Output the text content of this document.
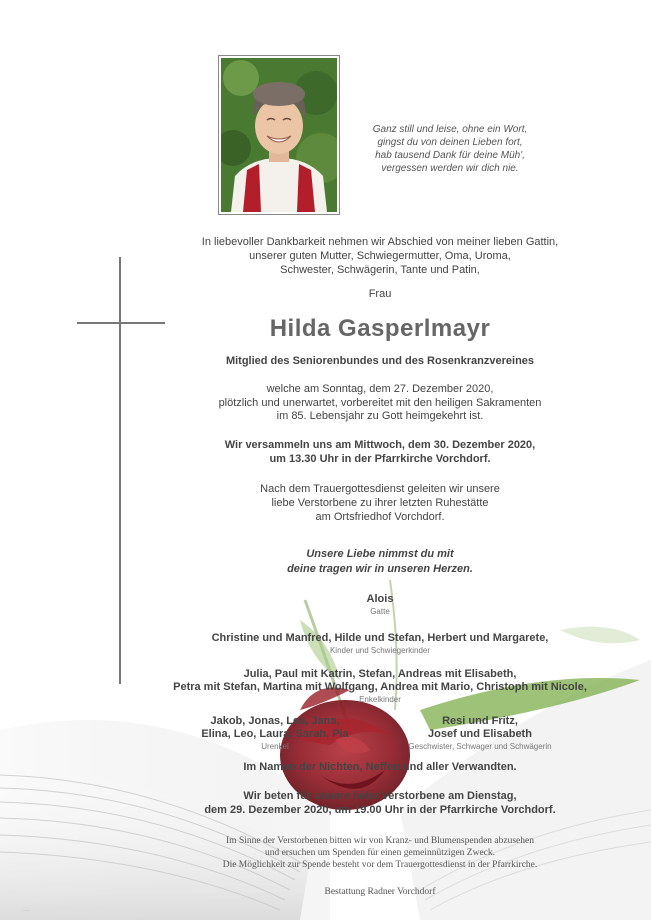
Ganz still und leise, ohne ein Wort,
gingst du von deinen Lieben fort,
hab tausend Dank für deine Müh',
vergessen werden wir dich nie.
In liebevoller Dankbarkeit nehmen wir Abschied von meiner lieben Gattin,
unserer guten Mutter, Schwiegermutter, Oma, Uroma,
Schwester, Schwägerin, Tante und Patin,
Frau
Hilda Gasperlmayr
Mitglied des Seniorenbundes und des Rosenkranzvereines
welche am Sonntag, dem 27. Dezember 2020,
plötzlich und unerwartet, vorbereitet mit den heiligen Sakramenten
im 85. Lebensjahr zu Gott heimgekehrt ist.
Wir versammeln uns am Mittwoch, dem 30. Dezember 2020,
um 13.30 Uhr in der Pfarrkirche Vorchdorf.
Nach dem Trauergottesdienst geleiten wir unsere
liebe Verstorbene zu ihrer letzten Ruhestätte
am Ortsfriedhof Vorchdorf.
Unsere Liebe nimmst du mit
deine tragen wir in unseren Herzen.
Alois
Gatte
Christine und Manfred, Hilde und Stefan, Herbert und Margarete,
Kinder und Schwiegerkinder
Julia, Paul mit Katrin, Stefan, Andreas mit Elisabeth,
Petra mit Stefan, Martina mit Wolfgang, Andrea mit Mario, Christoph mit Nicole,
Enkelkinder
Jakob, Jonas, Lea, Jana,
Elina, Leo, Laura, Sarah, Pia
Urenkel
Resi und Fritz,
Josef und Elisabeth
Geschwister, Schwager und Schwägerin
Im Namen der Nichten, Neffen und aller Verwandten.
Wir beten für unsere liebe Verstorbene am Dienstag,
dem 29. Dezember 2020, um 19.00 Uhr in der Pfarrkirche Vorchdorf.
Im Sinne der Verstorbenen bitten wir von Kranz- und Blumenspenden abzusehen
und ersuchen um Spenden für einen gemeinnützigen Zweck.
Die Möglichkeit zur Spende besteht vor dem Trauergottesdienst in der Pfarrkirche.
Bestattung Radner Vorchdorf
·····
